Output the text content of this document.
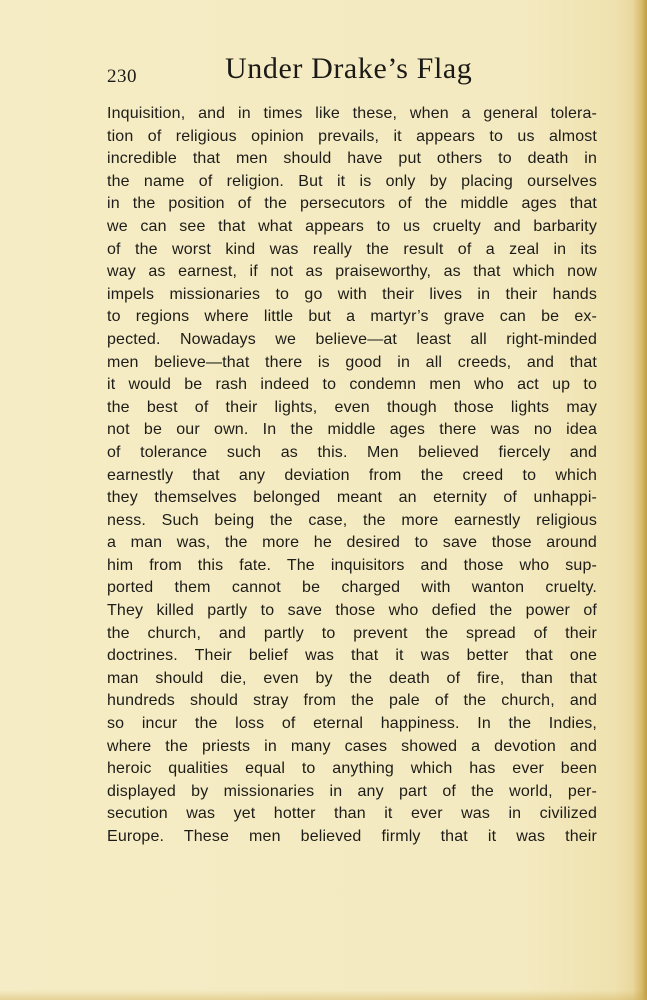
230	Under Drake’s Flag
Inquisition, and in times like these, when a general tolera-
tion of religious opinion prevails, it appears to us almost
incredible that men should have put others to death in
the name of religion. But it is only by placing ourselves
in the position of the persecutors of the middle ages that
we can see that what appears to us cruelty and barbarity
of the worst kind was really the result of a zeal in its
way as earnest, if not as praiseworthy, as that which now
impels missionaries to go with their lives in their hands
to regions where little but a martyr’s grave can be ex-
pected. Nowadays we believe—at least all right-minded
men believe—that there is good in all creeds, and that
it would be rash indeed to condemn men who act up to
the best of their lights, even though those lights may
not be our own. In the middle ages there was no idea
of tolerance such as this. Men believed fiercely and
earnestly that any deviation from the creed to which
they themselves belonged meant an eternity of unhappi-
ness. Such being the case, the more earnestly religious
a man was, the more he desired to save those around
him from this fate. The inquisitors and those who sup-
ported them cannot be charged with wanton cruelty.
They killed partly to save those who defied the power of
the church, and partly to prevent the spread of their
doctrines. Their belief was that it was better that one
man should die, even by the death of fire, than that
hundreds should stray from the pale of the church, and
so incur the loss of eternal happiness. In the Indies,
where the priests in many cases showed a devotion and
heroic qualities equal to anything which has ever been
displayed by missionaries in any part of the world, per-
secution was yet hotter than it ever was in civilized
Europe. These men believed firmly that it was their
